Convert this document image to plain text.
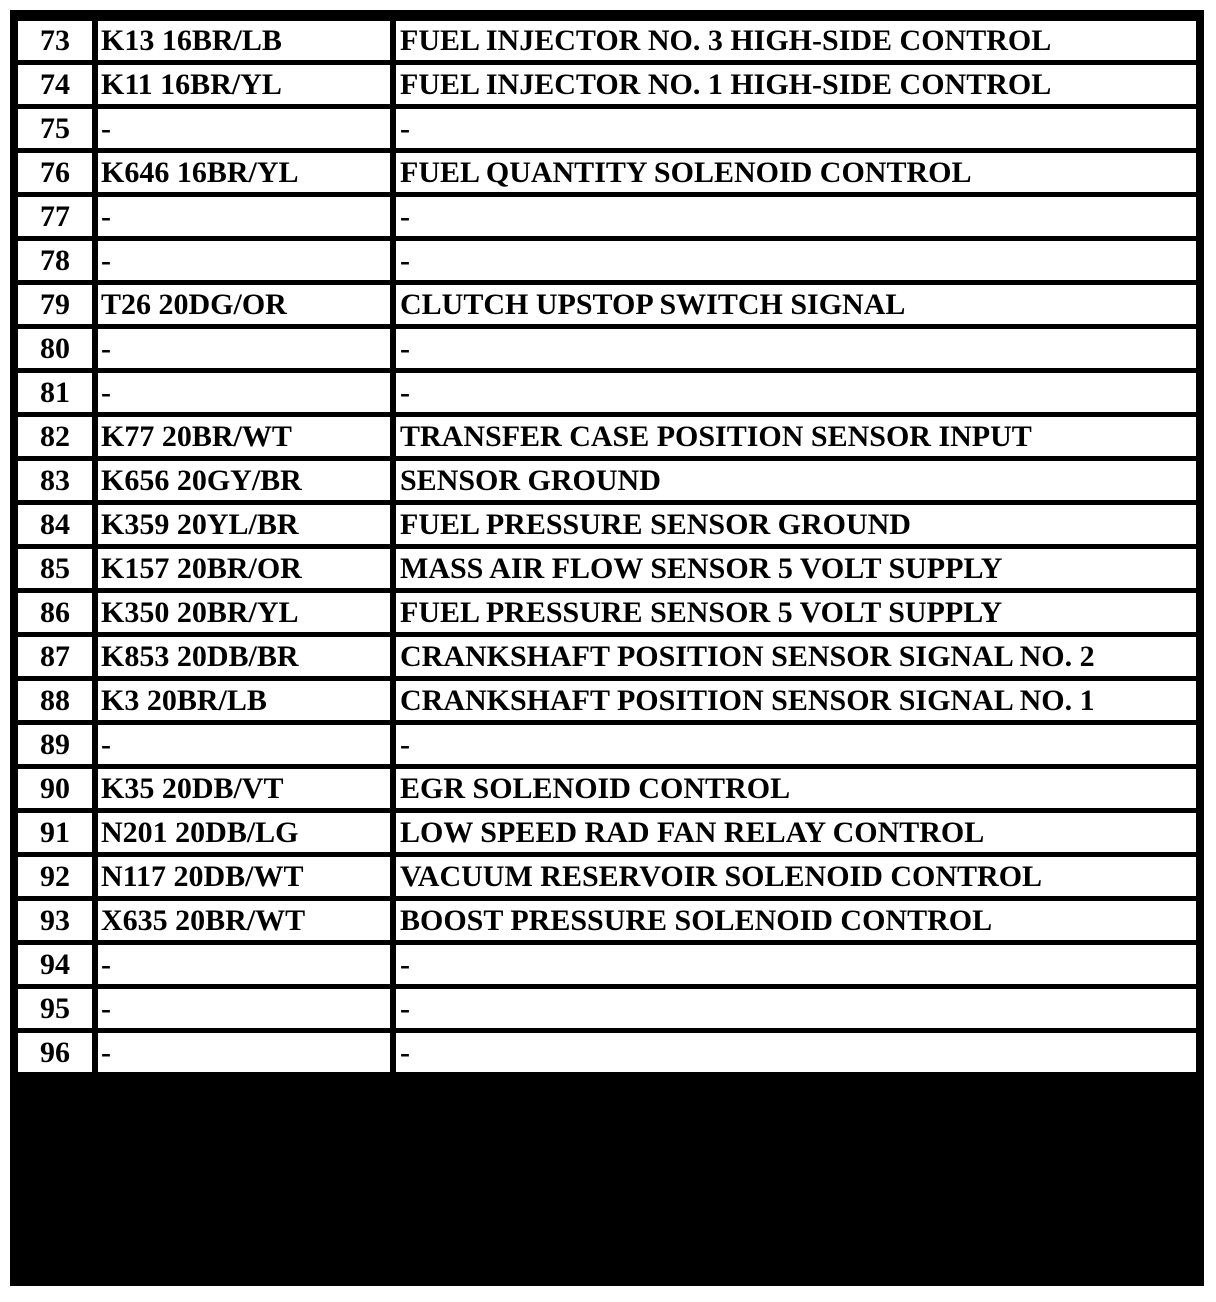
73	K13 16BR/LB	FUEL INJECTOR NO. 3 HIGH-SIDE CONTROL
74	K11 16BR/YL	FUEL INJECTOR NO. 1 HIGH-SIDE CONTROL
75	-	-
76	K646 16BR/YL	FUEL QUANTITY SOLENOID CONTROL
77	-	-
78	-	-
79	T26 20DG/OR	CLUTCH UPSTOP SWITCH SIGNAL
80	-	-
81	-	-
82	K77 20BR/WT	TRANSFER CASE POSITION SENSOR INPUT
83	K656 20GY/BR	SENSOR GROUND
84	K359 20YL/BR	FUEL PRESSURE SENSOR GROUND
85	K157 20BR/OR	MASS AIR FLOW SENSOR 5 VOLT SUPPLY
86	K350 20BR/YL	FUEL PRESSURE SENSOR 5 VOLT SUPPLY
87	K853 20DB/BR	CRANKSHAFT POSITION SENSOR SIGNAL NO. 2
88	K3 20BR/LB	CRANKSHAFT POSITION SENSOR SIGNAL NO. 1
89	-	-
90	K35 20DB/VT	EGR SOLENOID CONTROL
91	N201 20DB/LG	LOW SPEED RAD FAN RELAY CONTROL
92	N117 20DB/WT	VACUUM RESERVOIR SOLENOID CONTROL
93	X635 20BR/WT	BOOST PRESSURE SOLENOID CONTROL
94	-	-
95	-	-
96	-	-
